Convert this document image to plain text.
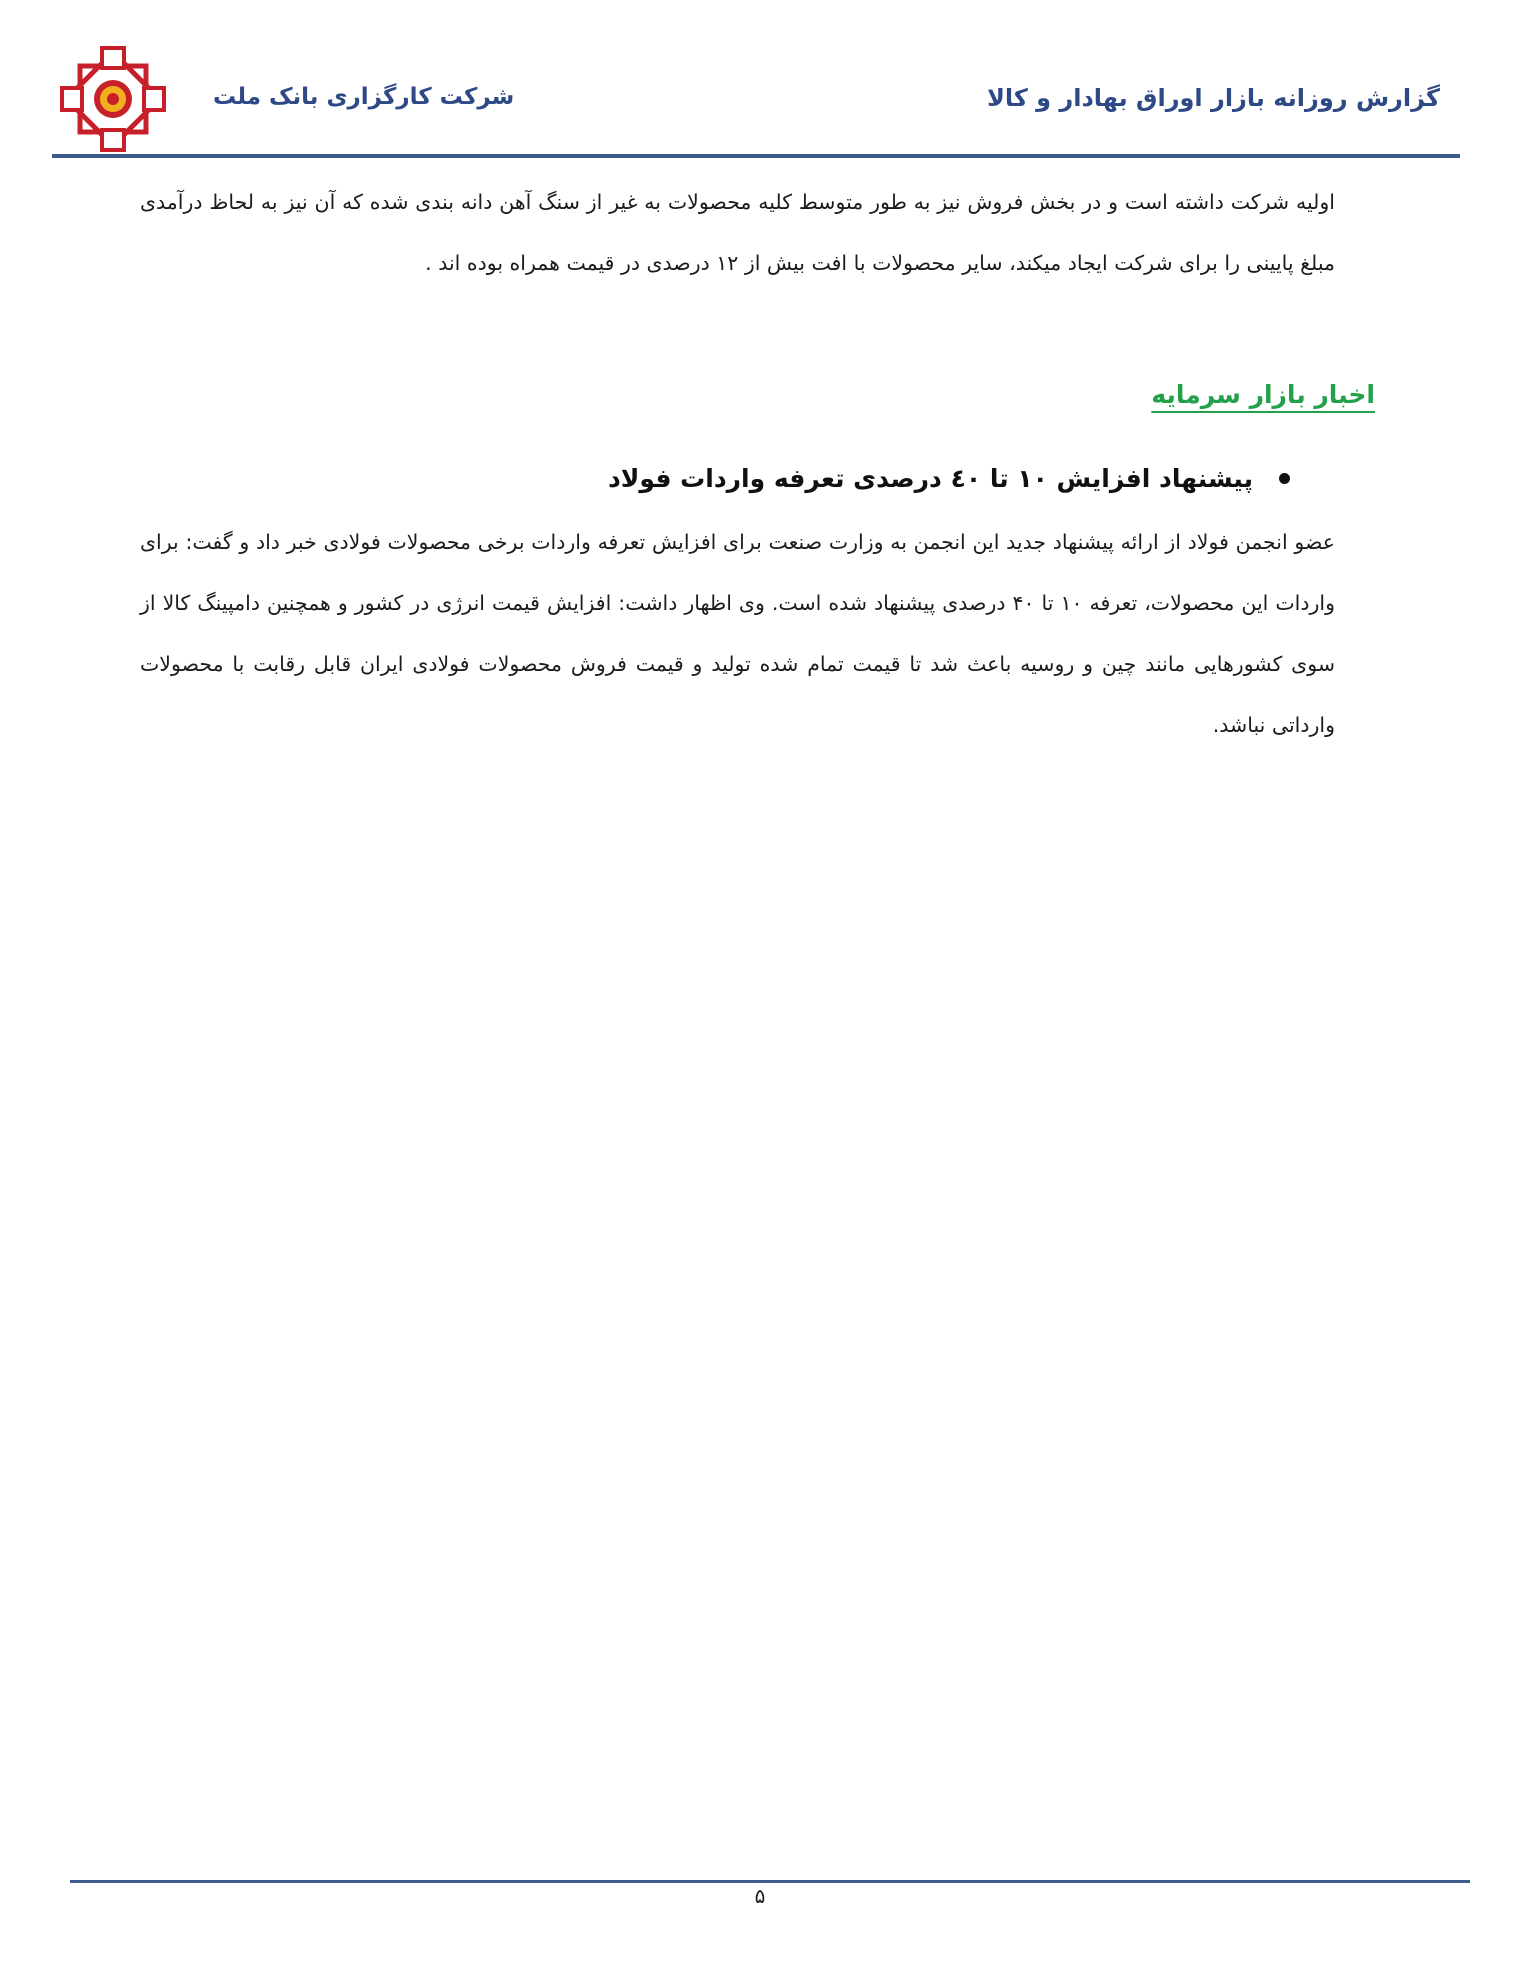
شرکت کارگزاری بانک ملت	گزارش روزانه بازار اوراق بهادار و کالا

اولیه شرکت داشته است و در بخش فروش نیز به طور متوسط کلیه محصولات به غیر از سنگ آهن دانه بندی شده که آن نیز به لحاظ درآمدی مبلغ پایینی را برای شرکت ایجاد میکند، سایر محصولات با افت بیش از ۱۲ درصدی در قیمت همراه بوده اند .

اخبار بازار سرمایه
پیشنهاد افزایش ۱۰ تا ٤٠ درصدی تعرفه واردات فولاد

عضو انجمن فولاد از ارائه پیشنهاد جدید این انجمن به وزارت صنعت برای افزایش تعرفه واردات برخی محصولات فولادی خبر داد و گفت: برای واردات این محصولات، تعرفه ۱۰ تا ۴۰ درصدی پیشنهاد شده است. وی اظهار داشت: افزایش قیمت انرژی در کشور و همچنین دامپینگ کالا از سوی کشورهایی مانند چین و روسیه باعث شد تا قیمت تمام شده تولید و قیمت فروش محصولات فولادی ایران قابل رقابت با محصولات وارداتی نباشد.

۵
